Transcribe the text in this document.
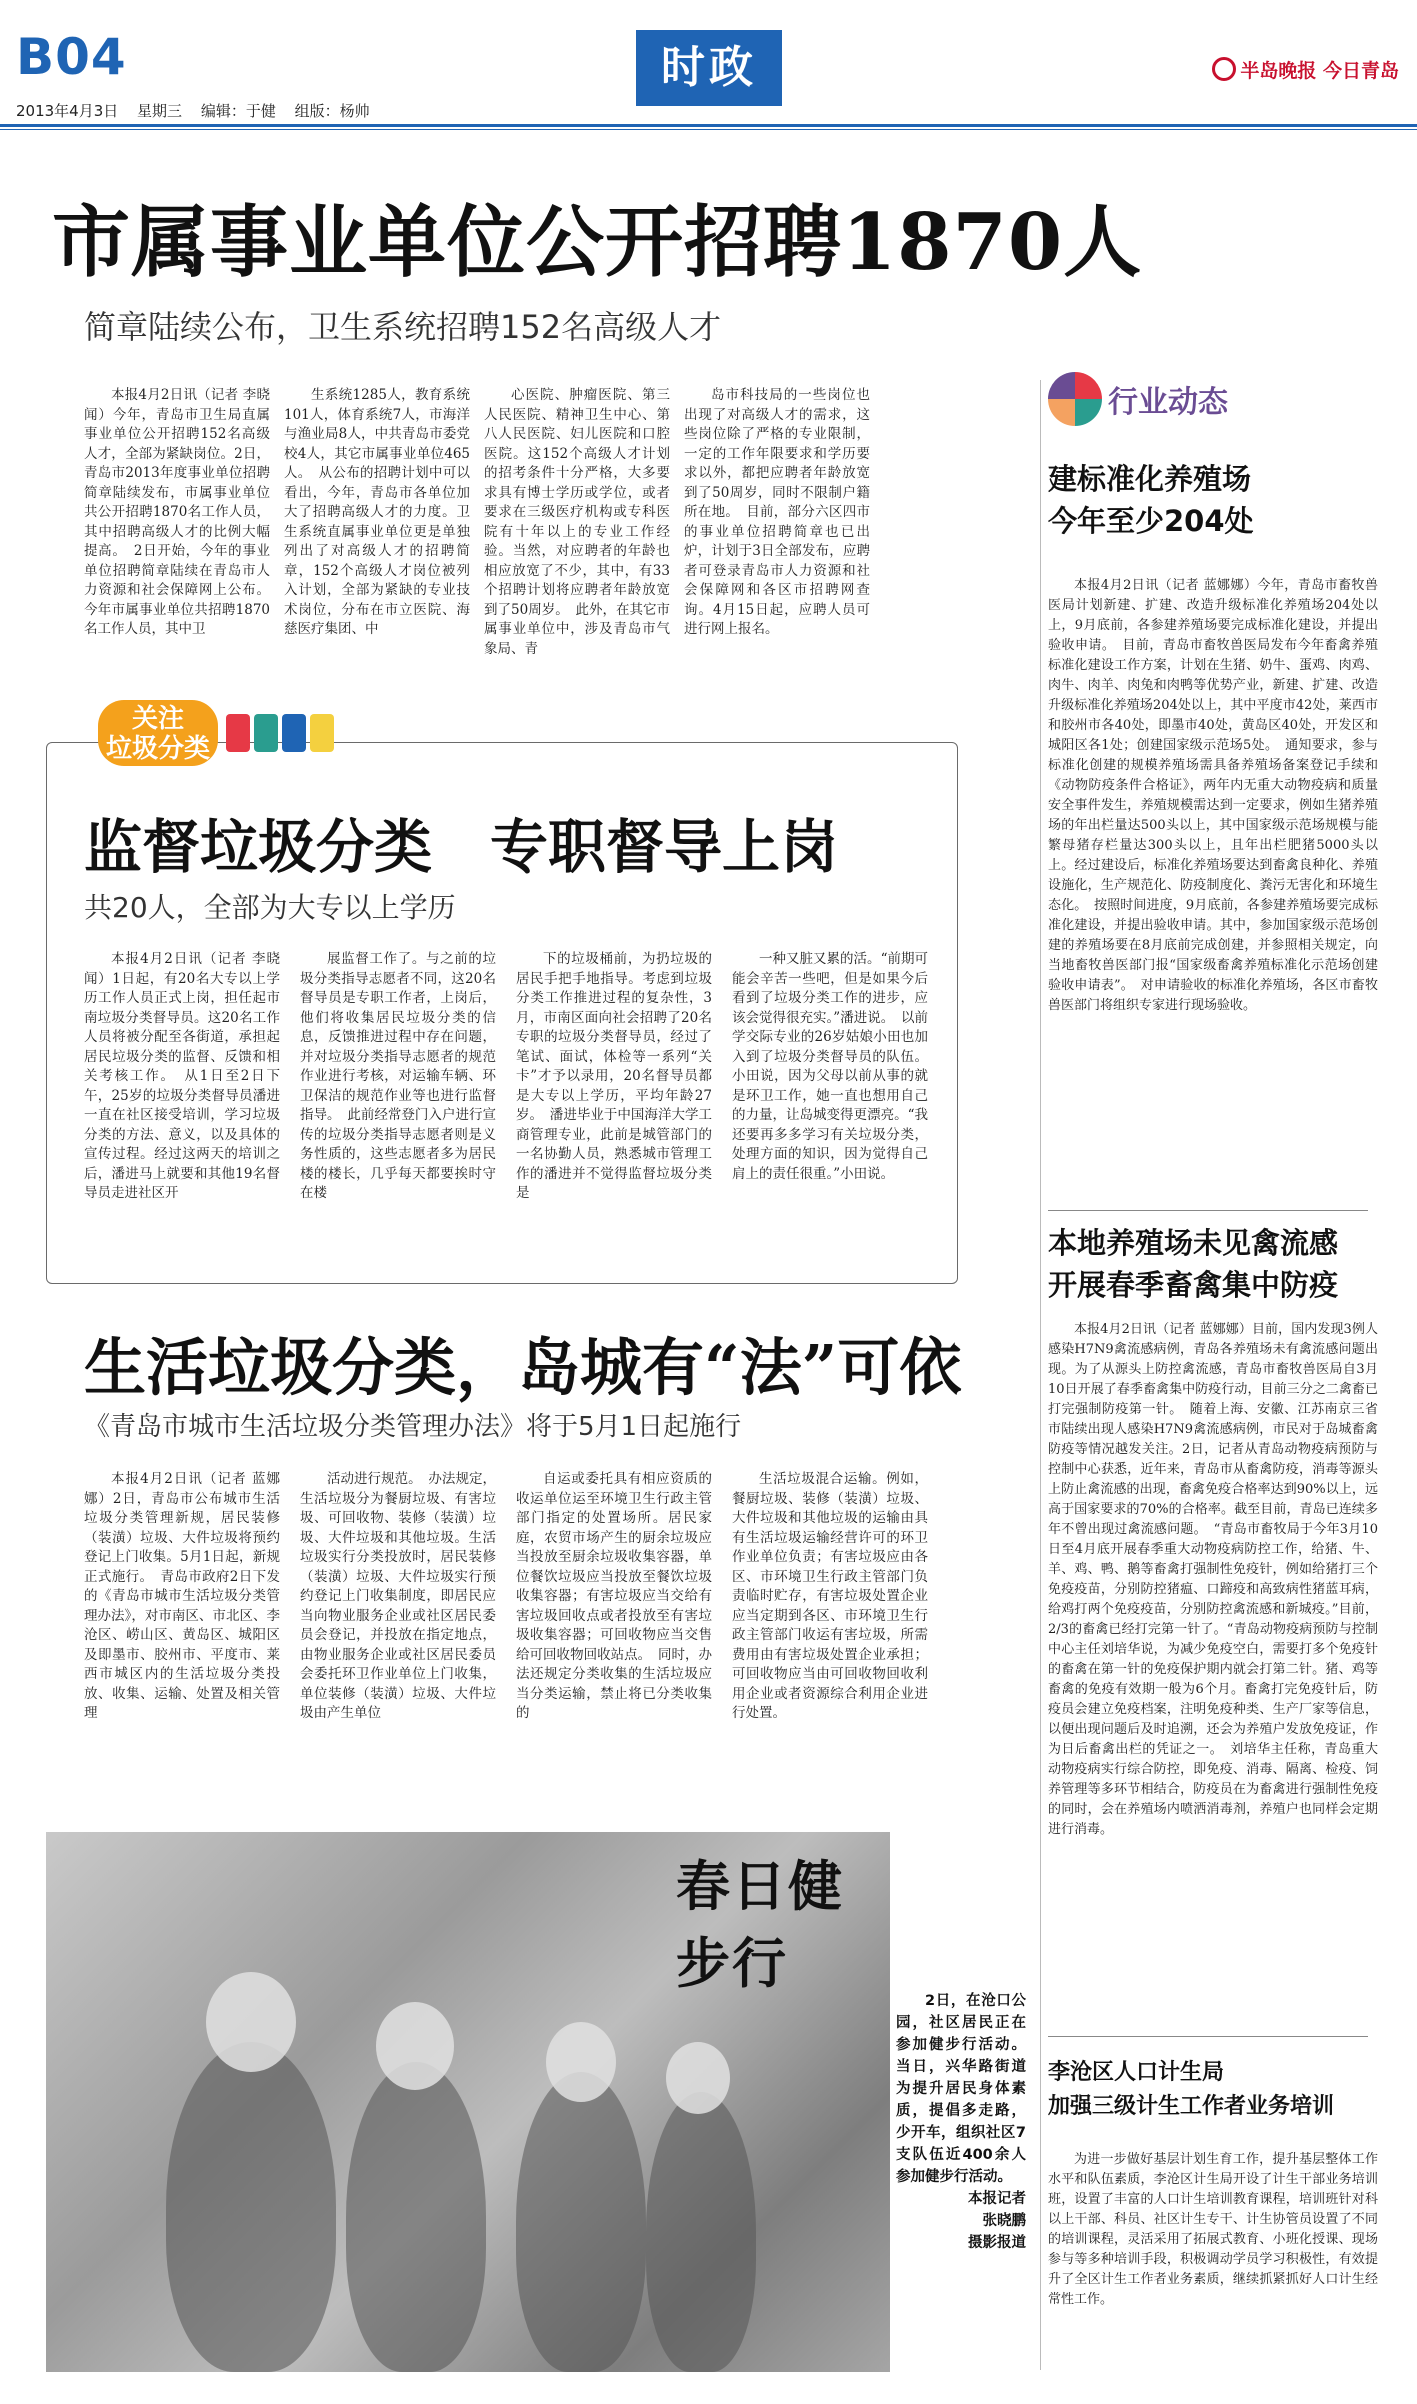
B04
2013年4月3日 星期三 编辑：于健 组版：杨帅
时政	半岛晚报 今日青岛
市属事业单位公开招聘1870人
简章陆续公布，卫生系统招聘152名高级人才

本报4月2日讯（记者 李晓闻）今年，青岛市卫生局直属事业单位公开招聘152名高级人才，全部为紧缺岗位。2日，青岛市2013年度事业单位招聘简章陆续发布，市属事业单位共公开招聘1870名工作人员，其中招聘高级人才的比例大幅提高。　2日开始，今年的事业单位招聘简章陆续在青岛市人力资源和社会保障网上公布。今年市属事业单位共招聘1870名工作人员，其中卫

生系统1285人，教育系统101人，体育系统7人，市海洋与渔业局8人，中共青岛市委党校4人，其它市属事业单位465人。　从公布的招聘计划中可以看出，今年，青岛市各单位加大了招聘高级人才的力度。卫生系统直属事业单位更是单独列出了对高级人才的招聘简章，152个高级人才岗位被列入计划，全部为紧缺的专业技术岗位，分布在市立医院、海慈医疗集团、中

心医院、肿瘤医院、第三人民医院、精神卫生中心、第八人民医院、妇儿医院和口腔医院。这152个高级人才计划的招考条件十分严格，大多要求具有博士学历或学位，或者要求在三级医疗机构或专科医院有十年以上的专业工作经验。当然，对应聘者的年龄也相应放宽了不少，其中，有33个招聘计划将应聘者年龄放宽到了50周岁。　此外，在其它市属事业单位中，涉及青岛市气象局、青

岛市科技局的一些岗位也出现了对高级人才的需求，这些岗位除了严格的专业限制，一定的工作年限要求和学历要求以外，都把应聘者年龄放宽到了50周岁，同时不限制户籍所在地。　目前，部分六区四市的事业单位招聘简章也已出炉，计划于3日全部发布，应聘者可登录青岛市人力资源和社会保障网和各区市招聘网查询。4月15日起，应聘人员可进行网上报名。

关注
垃圾分类
监督垃圾分类　专职督导上岗
共20人，全部为大专以上学历

本报4月2日讯（记者 李晓闻）1日起，有20名大专以上学历工作人员正式上岗，担任起市南垃圾分类督导员。这20名工作人员将被分配至各街道，承担起居民垃圾分类的监督、反馈和相关考核工作。　从1日至2日下午，25岁的垃圾分类督导员潘进一直在社区接受培训，学习垃圾分类的方法、意义，以及具体的宣传过程。经过这两天的培训之后，潘进马上就要和其他19名督导员走进社区开

展监督工作了。与之前的垃圾分类指导志愿者不同，这20名督导员是专职工作者，上岗后，他们将收集居民垃圾分类的信息，反馈推进过程中存在问题，并对垃圾分类指导志愿者的规范作业进行考核，对运输车辆、环卫保洁的规范作业等也进行监督指导。　此前经常登门入户进行宣传的垃圾分类指导志愿者则是义务性质的，这些志愿者多为居民楼的楼长，几乎每天都要挨时守在楼

下的垃圾桶前，为扔垃圾的居民手把手地指导。考虑到垃圾分类工作推进过程的复杂性，3月，市南区面向社会招聘了20名专职的垃圾分类督导员，经过了笔试、面试，体检等一系列“关卡”才予以录用，20名督导员都是大专以上学历，平均年龄27岁。　潘进毕业于中国海洋大学工商管理专业，此前是城管部门的一名协勤人员，熟悉城市管理工作的潘进并不觉得监督垃圾分类是

一种又脏又累的活。“前期可能会辛苦一些吧，但是如果今后看到了垃圾分类工作的进步，应该会觉得很充实。”潘进说。　以前学交际专业的26岁姑娘小田也加入到了垃圾分类督导员的队伍。小田说，因为父母以前从事的就是环卫工作，她一直也想用自己的力量，让岛城变得更漂亮。“我还要再多多学习有关垃圾分类，处理方面的知识，因为觉得自己肩上的责任很重。”小田说。

生活垃圾分类，岛城有“法”可依
《青岛市城市生活垃圾分类管理办法》将于5月1日起施行

本报4月2日讯（记者 蓝娜娜）2日，青岛市公布城市生活垃圾分类管理新规，居民装修（装潢）垃圾、大件垃圾将预约登记上门收集。5月1日起，新规正式施行。　青岛市政府2日下发的《青岛市城市生活垃圾分类管理办法》，对市南区、市北区、李沧区、崂山区、黄岛区、城阳区及即墨市、胶州市、平度市、莱西市城区内的生活垃圾分类投放、收集、运输、处置及相关管理

活动进行规范。　办法规定，生活垃圾分为餐厨垃圾、有害垃圾、可回收物、装修（装潢）垃圾、大件垃圾和其他垃圾。生活垃圾实行分类投放时，居民装修（装潢）垃圾、大件垃圾实行预约登记上门收集制度，即居民应当向物业服务企业或社区居民委员会登记，并投放在指定地点，由物业服务企业或社区居民委员会委托环卫作业单位上门收集，单位装修（装潢）垃圾、大件垃圾由产生单位

自运或委托具有相应资质的收运单位运至环境卫生行政主管部门指定的处置场所。居民家庭，农贸市场产生的厨余垃圾应当投放至厨余垃圾收集容器，单位餐饮垃圾应当投放至餐饮垃圾收集容器；有害垃圾应当交给有害垃圾回收点或者投放至有害垃圾收集容器；可回收物应当交售给可回收物回收站点。　同时，办法还规定分类收集的生活垃圾应当分类运输，禁止将已分类收集的

生活垃圾混合运输。例如，餐厨垃圾、装修（装潢）垃圾、大件垃圾和其他垃圾的运输由具有生活垃圾运输经营许可的环卫作业单位负责；有害垃圾应由各区、市环境卫生行政主管部门负责临时贮存，有害垃圾处置企业应当定期到各区、市环境卫生行政主管部门收运有害垃圾，所需费用由有害垃圾处置企业承担；可回收物应当由可回收物回收利用企业或者资源综合利用企业进行处置。

春日健步行

2日，在沧口公园，社区居民正在参加健步行活动。当日，兴华路街道为提升居民身体素质，提倡多走路，少开车，组织社区7支队伍近400余人参加健步行活动。

本报记者

张晓鹏

摄影报道

行业动态
建标准化养殖场
今年至少204处

本报4月2日讯（记者 蓝娜娜）今年，青岛市畜牧兽医局计划新建、扩建、改造升级标准化养殖场204处以上，9月底前，各参建养殖场要完成标准化建设，并提出验收申请。　目前，青岛市畜牧兽医局发布今年畜禽养殖标准化建设工作方案，计划在生猪、奶牛、蛋鸡、肉鸡、肉牛、肉羊、肉兔和肉鸭等优势产业，新建、扩建、改造升级标准化养殖场204处以上，其中平度市42处，莱西市和胶州市各40处，即墨市40处，黄岛区40处，开发区和城阳区各1处；创建国家级示范场5处。　通知要求，参与标准化创建的规模养殖场需具备养殖场备案登记手续和《动物防疫条件合格证》，两年内无重大动物疫病和质量安全事件发生，养殖规模需达到一定要求，例如生猪养殖场的年出栏量达500头以上，其中国家级示范场规模与能繁母猪存栏量达300头以上，且年出栏肥猪5000头以上。经过建设后，标准化养殖场要达到畜禽良种化、养殖设施化，生产规范化、防疫制度化、粪污无害化和环境生态化。　按照时间进度，9月底前，各参建养殖场要完成标准化建设，并提出验收申请。其中，参加国家级示范场创建的养殖场要在8月底前完成创建，并参照相关规定，向当地畜牧兽医部门报“国家级畜禽养殖标准化示范场创建验收申请表”。　对申请验收的标准化养殖场，各区市畜牧兽医部门将组织专家进行现场验收。

本地养殖场未见禽流感
开展春季畜禽集中防疫

本报4月2日讯（记者 蓝娜娜）目前，国内发现3例人感染H7N9禽流感病例，青岛各养殖场未有禽流感问题出现。为了从源头上防控禽流感，青岛市畜牧兽医局自3月10日开展了春季畜禽集中防疫行动，目前三分之二禽畜已打完强制防疫第一针。　随着上海、安徽、江苏南京三省市陆续出现人感染H7N9禽流感病例，市民对于岛城畜禽防疫等情况越发关注。2日，记者从青岛动物疫病预防与控制中心获悉，近年来，青岛市从畜禽防疫，消毒等源头上防止禽流感的出现，畜禽免疫合格率达到90%以上，远高于国家要求的70%的合格率。截至目前，青岛已连续多年不曾出现过禽流感问题。　“青岛市畜牧局于今年3月10日至4月底开展春季重大动物疫病防控工作，给猪、牛、羊、鸡、鸭、鹅等畜禽打强制性免疫针，例如给猪打三个免疫疫苗，分别防控猪瘟、口蹄疫和高致病性猪蓝耳病，给鸡打两个免疫疫苗，分别防控禽流感和新城疫。”目前，2/3的畜禽已经打完第一针了。“青岛动物疫病预防与控制中心主任刘培华说，为减少免疫空白，需要打多个免疫针的畜禽在第一针的免疫保护期内就会打第二针。猪、鸡等畜禽的免疫有效期一般为6个月。畜禽打完免疫针后，防疫员会建立免疫档案，注明免疫种类、生产厂家等信息，以便出现问题后及时追溯，还会为养殖户发放免疫证，作为日后畜禽出栏的凭证之一。　刘培华主任称，青岛重大动物疫病实行综合防控，即免疫、消毒、隔离、检疫、饲养管理等多环节相结合，防疫员在为畜禽进行强制性免疫的同时，会在养殖场内喷洒消毒剂，养殖户也同样会定期进行消毒。

李沧区人口计生局
加强三级计生工作者业务培训

为进一步做好基层计划生育工作，提升基层整体工作水平和队伍素质，李沧区计生局开设了计生干部业务培训班，设置了丰富的人口计生培训教育课程，培训班针对科以上干部、科员、社区计生专干、计生协管员设置了不同的培训课程，灵活采用了拓展式教育、小班化授课、现场参与等多种培训手段，积极调动学员学习积极性，有效提升了全区计生工作者业务素质，继续抓紧抓好人口计生经常性工作。
